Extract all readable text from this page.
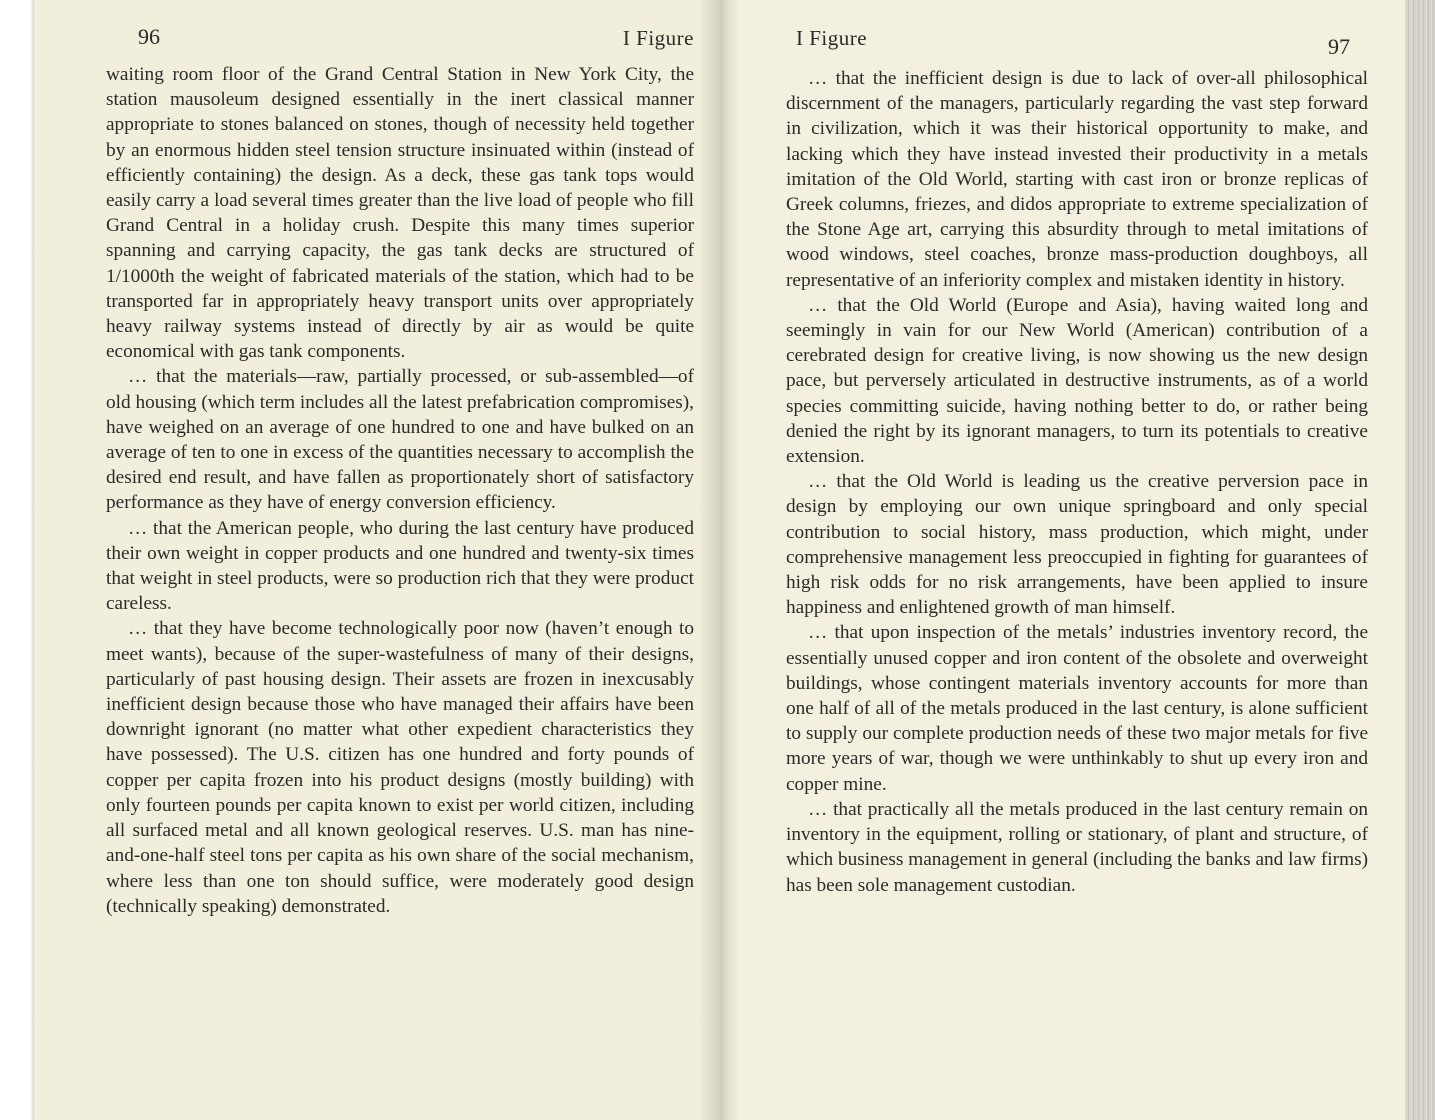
96	I Figure

waiting room floor of the Grand Central Station in New York City, the station mausoleum designed essentially in the inert classical manner appropriate to stones balanced on stones, though of necessity held together by an enormous hidden steel tension structure insinuated within (instead of efficiently containing) the design. As a deck, these gas tank tops would easily carry a load several times greater than the live load of people who fill Grand Central in a holiday crush. Despite this many times superior spanning and carrying capacity, the gas tank decks are structured of 1/1000th the weight of fabricated materials of the station, which had to be transported far in appropriately heavy transport units over appropriately heavy railway systems instead of directly by air as would be quite economical with gas tank components.

… that the materials—raw, partially processed, or sub-assembled—of old housing (which term includes all the latest prefabrication compromises), have weighed on an average of one hundred to one and have bulked on an average of ten to one in excess of the quantities necessary to accomplish the desired end result, and have fallen as proportionately short of satisfactory performance as they have of energy conversion efficiency.

… that the American people, who during the last century have produced their own weight in copper products and one hundred and twenty-six times that weight in steel products, were so production rich that they were product careless.

… that they have become technologically poor now (haven’t enough to meet wants), because of the super-wastefulness of many of their designs, particularly of past housing design. Their assets are frozen in inexcusably inefficient design because those who have managed their affairs have been downright ignorant (no matter what other expedient characteristics they have possessed). The U.S. citizen has one hundred and forty pounds of copper per capita frozen into his product designs (mostly building) with only fourteen pounds per capita known to exist per world citizen, including all surfaced metal and all known geological reserves. U.S. man has nine-and-one-half steel tons per capita as his own share of the social mechanism, where less than one ton should suffice, were moderately good design (technically speaking) demonstrated.

I Figure	97

… that the inefficient design is due to lack of over-all philosophical discernment of the managers, particularly regarding the vast step forward in civilization, which it was their historical opportunity to make, and lacking which they have instead invested their productivity in a metals imitation of the Old World, starting with cast iron or bronze replicas of Greek columns, friezes, and didos appropriate to extreme specialization of the Stone Age art, carrying this absurdity through to metal imitations of wood windows, steel coaches, bronze mass-production doughboys, all representative of an inferiority complex and mistaken identity in history.

… that the Old World (Europe and Asia), having waited long and seemingly in vain for our New World (American) contribution of a cerebrated design for creative living, is now showing us the new design pace, but perversely articulated in destructive instruments, as of a world species committing suicide, having nothing better to do, or rather being denied the right by its ignorant managers, to turn its potentials to creative extension.

… that the Old World is leading us the creative perversion pace in design by employing our own unique springboard and only special contribution to social history, mass production, which might, under comprehensive management less preoccupied in fighting for guarantees of high risk odds for no risk arrangements, have been applied to insure happiness and enlightened growth of man himself.

… that upon inspection of the metals’ industries inventory record, the essentially unused copper and iron content of the obsolete and overweight buildings, whose contingent materials inventory accounts for more than one half of all of the metals produced in the last century, is alone sufficient to supply our complete production needs of these two major metals for five more years of war, though we were unthinkably to shut up every iron and copper mine.

… that practically all the metals produced in the last century remain on inventory in the equipment, rolling or stationary, of plant and structure, of which business management in general (including the banks and law firms) has been sole management custodian.
